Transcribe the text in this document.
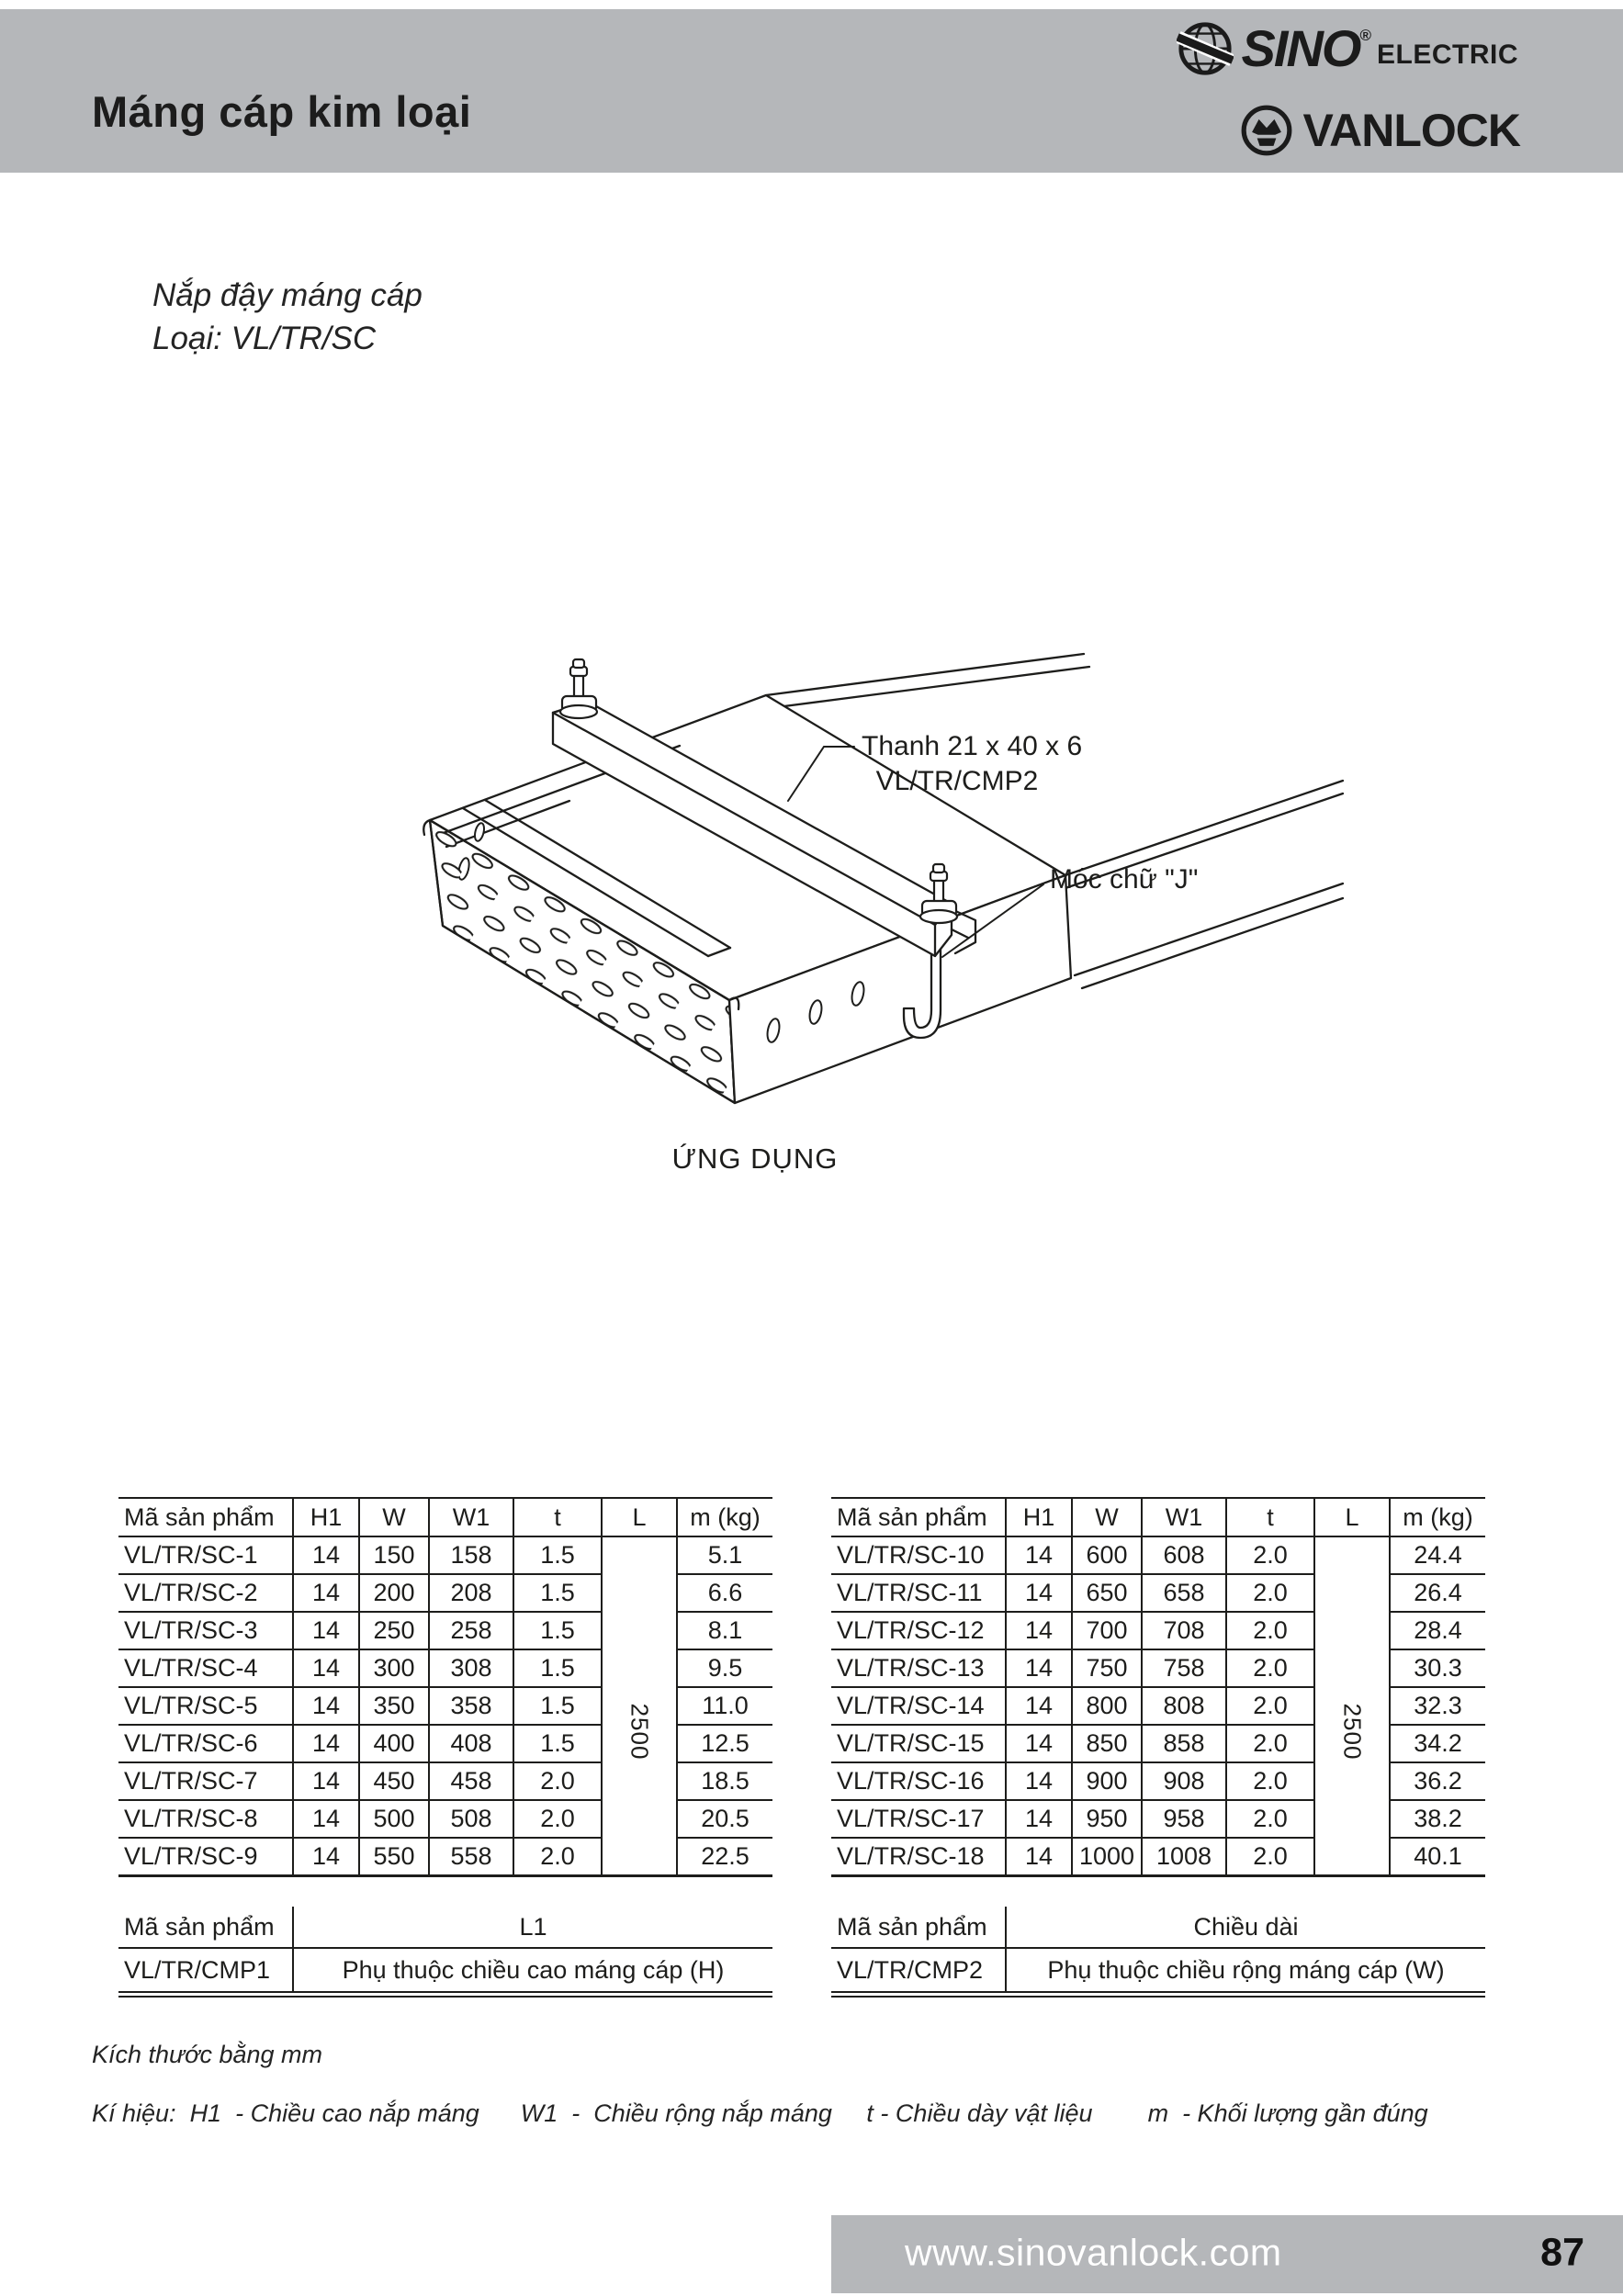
Máng cáp kim loại
SINO®
ELECTRIC
VANLOCK
Nắp đậy máng cáp
Loại: VL/TR/SC
Thanh 21 x 40 x 6
VL/TR/CMP2
Móc chữ "J"
ỨNG DỤNG
Mã sản phẩm	H1	W	W1	t	L	m (kg)
VL/TR/SC-1	14	150	158	1.5	2500	5.1
VL/TR/SC-2	14	200	208	1.5		6.6
VL/TR/SC-3	14	250	258	1.5		8.1
VL/TR/SC-4	14	300	308	1.5		9.5
VL/TR/SC-5	14	350	358	1.5		11.0
VL/TR/SC-6	14	400	408	1.5		12.5
VL/TR/SC-7	14	450	458	2.0		18.5
VL/TR/SC-8	14	500	508	2.0		20.5
VL/TR/SC-9	14	550	558	2.0		22.5
Mã sản phẩm	H1	W	W1	t	L	m (kg)
VL/TR/SC-10	14	600	608	2.0	2500	24.4
VL/TR/SC-11	14	650	658	2.0		26.4
VL/TR/SC-12	14	700	708	2.0		28.4
VL/TR/SC-13	14	750	758	2.0		30.3
VL/TR/SC-14	14	800	808	2.0		32.3
VL/TR/SC-15	14	850	858	2.0		34.2
VL/TR/SC-16	14	900	908	2.0		36.2
VL/TR/SC-17	14	950	958	2.0		38.2
VL/TR/SC-18	14	1000	1008	2.0		40.1
Mã sản phẩm	L1
VL/TR/CMP1	Phụ thuộc chiều cao máng cáp (H)
Mã sản phẩm	Chiều dài
VL/TR/CMP2	Phụ thuộc chiều rộng máng cáp (W)
Kích thước bằng mm
Kí hiệu:  H1  - Chiều cao nắp máng      W1  -  Chiều rộng nắp máng     t - Chiều dày vật liệu        m  - Khối lượng gần đúng
www.sinovanlock.com	87
